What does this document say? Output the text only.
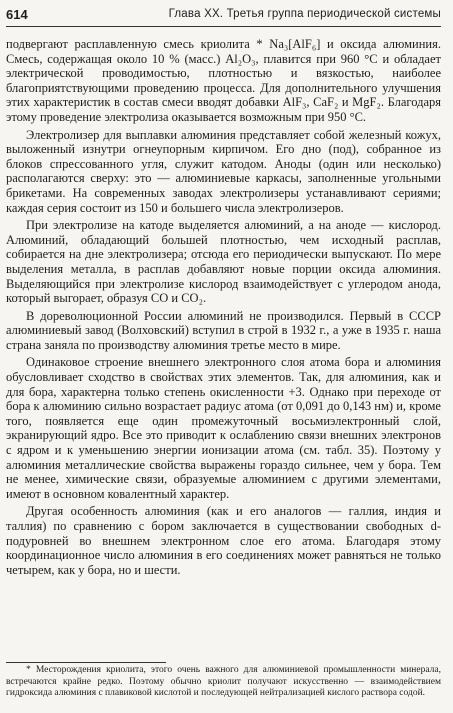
614	Глава XX. Третья группа периодической системы

подвергают расплавленную смесь криолита * Na₃[AlF₆] и оксида алюминия. Смесь, содержащая около 10 % (масс.) Al₂O₃, плавится при 960 °C и обладает электрической проводимостью, плотностью и вязкостью, наиболее благоприятствующими проведению процесса. Для дополнительного улучшения этих характеристик в состав смеси вводят добавки AlF₃, CaF₂ и MgF₂. Благодаря этому проведение электролиза оказывается возможным при 950 °C.

Электролизер для выплавки алюминия представляет собой железный кожух, выложенный изнутри огнеупорным кирпичом. Его дно (под), собранное из блоков спрессованного угля, служит катодом. Аноды (один или несколько) располагаются сверху: это — алюминиевые каркасы, заполненные угольными брикетами. На современных заводах электролизеры устанавливают сериями; каждая серия состоит из 150 и большего числа электролизеров.

При электролизе на катоде выделяется алюминий, а на аноде — кислород. Алюминий, обладающий большей плотностью, чем исходный расплав, собирается на дне электролизера; отсюда его периодически выпускают. По мере выделения металла, в расплав добавляют новые порции оксида алюминия. Выделяющийся при электролизе кислород взаимодействует с углеродом анода, который выгорает, образуя CO и CO₂.

В дореволюционной России алюминий не производился. Первый в СССР алюминиевый завод (Волховский) вступил в строй в 1932 г., а уже в 1935 г. наша страна заняла по производству алюминия третье место в мире.

Одинаковое строение внешнего электронного слоя атома бора и алюминия обусловливает сходство в свойствах этих элементов. Так, для алюминия, как и для бора, характерна только степень окисленности +3. Однако при переходе от бора к алюминию сильно возрастает радиус атома (от 0,091 до 0,143 нм) и, кроме того, появляется еще один промежуточный восьмиэлектронный слой, экранирующий ядро. Все это приводит к ослаблению связи внешних электронов с ядром и к уменьшению энергии ионизации атома (см. табл. 35). Поэтому у алюминия металлические свойства выражены гораздо сильнее, чем у бора. Тем не менее, химические связи, образуемые алюминием с другими элементами, имеют в основном ковалентный характер.

Другая особенность алюминия (как и его аналогов — галлия, индия и таллия) по сравнению с бором заключается в существовании свободных d-подуровней во внешнем электронном слое его атома. Благодаря этому координационное число алюминия в его соединениях может равняться не только четырем, как у бора, но и шести.

* Месторождения криолита, этого очень важного для алюминиевой промышленности минерала, встречаются крайне редко. Поэтому обычно криолит получают искусственно — взаимодействием гидроксида алюминия с плавиковой кислотой и последующей нейтрализацией кислого раствора содой.
